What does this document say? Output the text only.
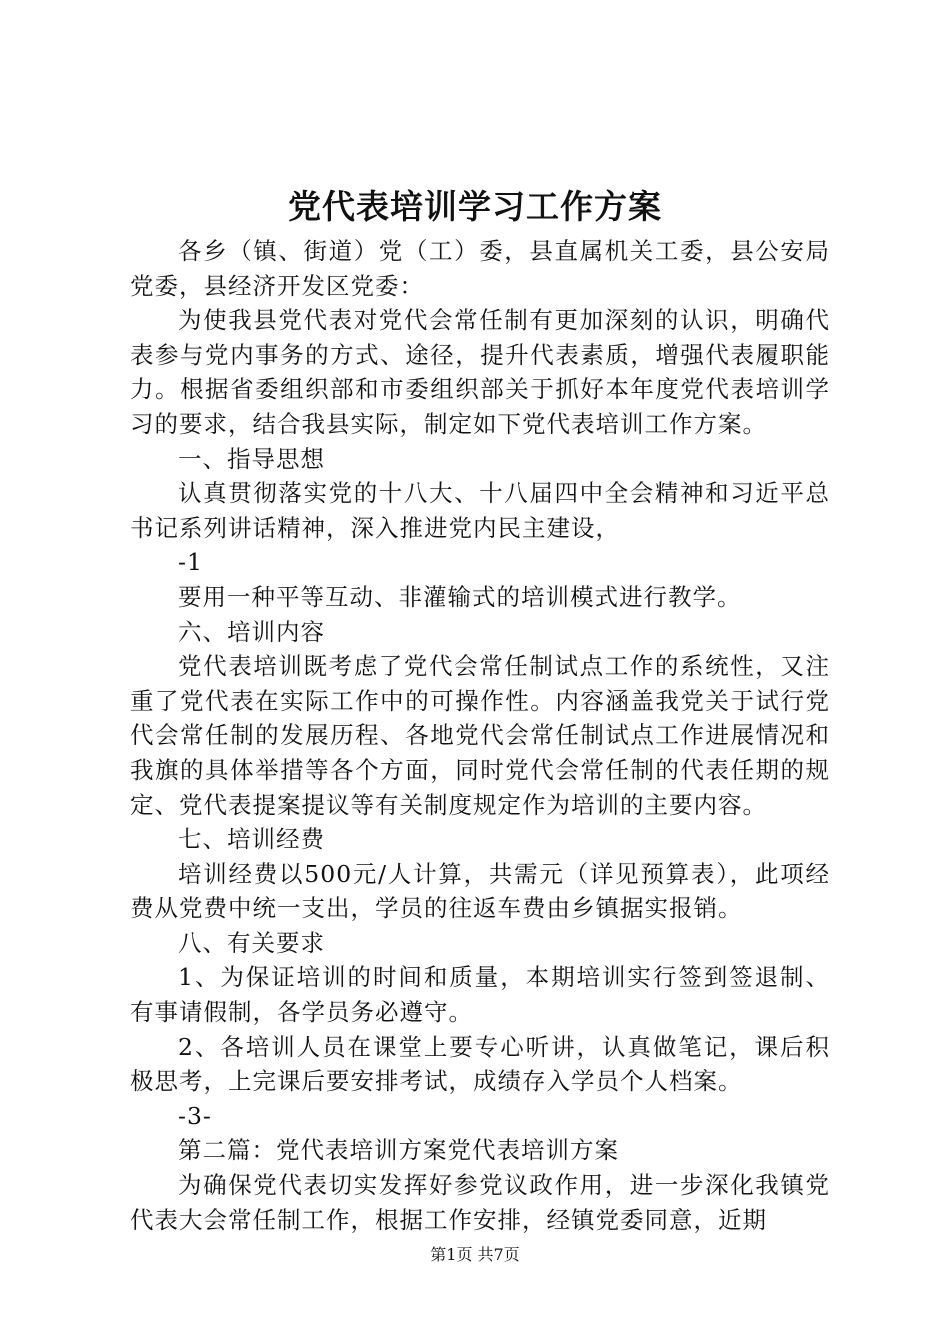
党代表培训学习工作方案

各乡（镇、街道）党（工）委，县直属机关工委，县公安局党委，县经济开发区党委：

为使我县党代表对党代会常任制有更加深刻的认识，明确代表参与党内事务的方式、途径，提升代表素质，增强代表履职能力。根据省委组织部和市委组织部关于抓好本年度党代表培训学习的要求，结合我县实际，制定如下党代表培训工作方案。

一、指导思想

认真贯彻落实党的十八大、十八届四中全会精神和习近平总书记系列讲话精神，深入推进党内民主建设，

-1

要用一种平等互动、非灌输式的培训模式进行教学。

六、培训内容

党代表培训既考虑了党代会常任制试点工作的系统性，又注重了党代表在实际工作中的可操作性。内容涵盖我党关于试行党代会常任制的发展历程、各地党代会常任制试点工作进展情况和我旗的具体举措等各个方面，同时党代会常任制的代表任期的规定、党代表提案提议等有关制度规定作为培训的主要内容。

七、培训经费

培训经费以500元/人计算，共需元（详见预算表），此项经费从党费中统一支出，学员的往返车费由乡镇据实报销。

八、有关要求

1、为保证培训的时间和质量，本期培训实行签到签退制、有事请假制，各学员务必遵守。

2、各培训人员在课堂上要专心听讲，认真做笔记，课后积极思考，上完课后要安排考试，成绩存入学员个人档案。

-3-

第二篇：党代表培训方案党代表培训方案

为确保党代表切实发挥好参党议政作用，进一步深化我镇党代表大会常任制工作，根据工作安排，经镇党委同意，近期

第1页 共7页
